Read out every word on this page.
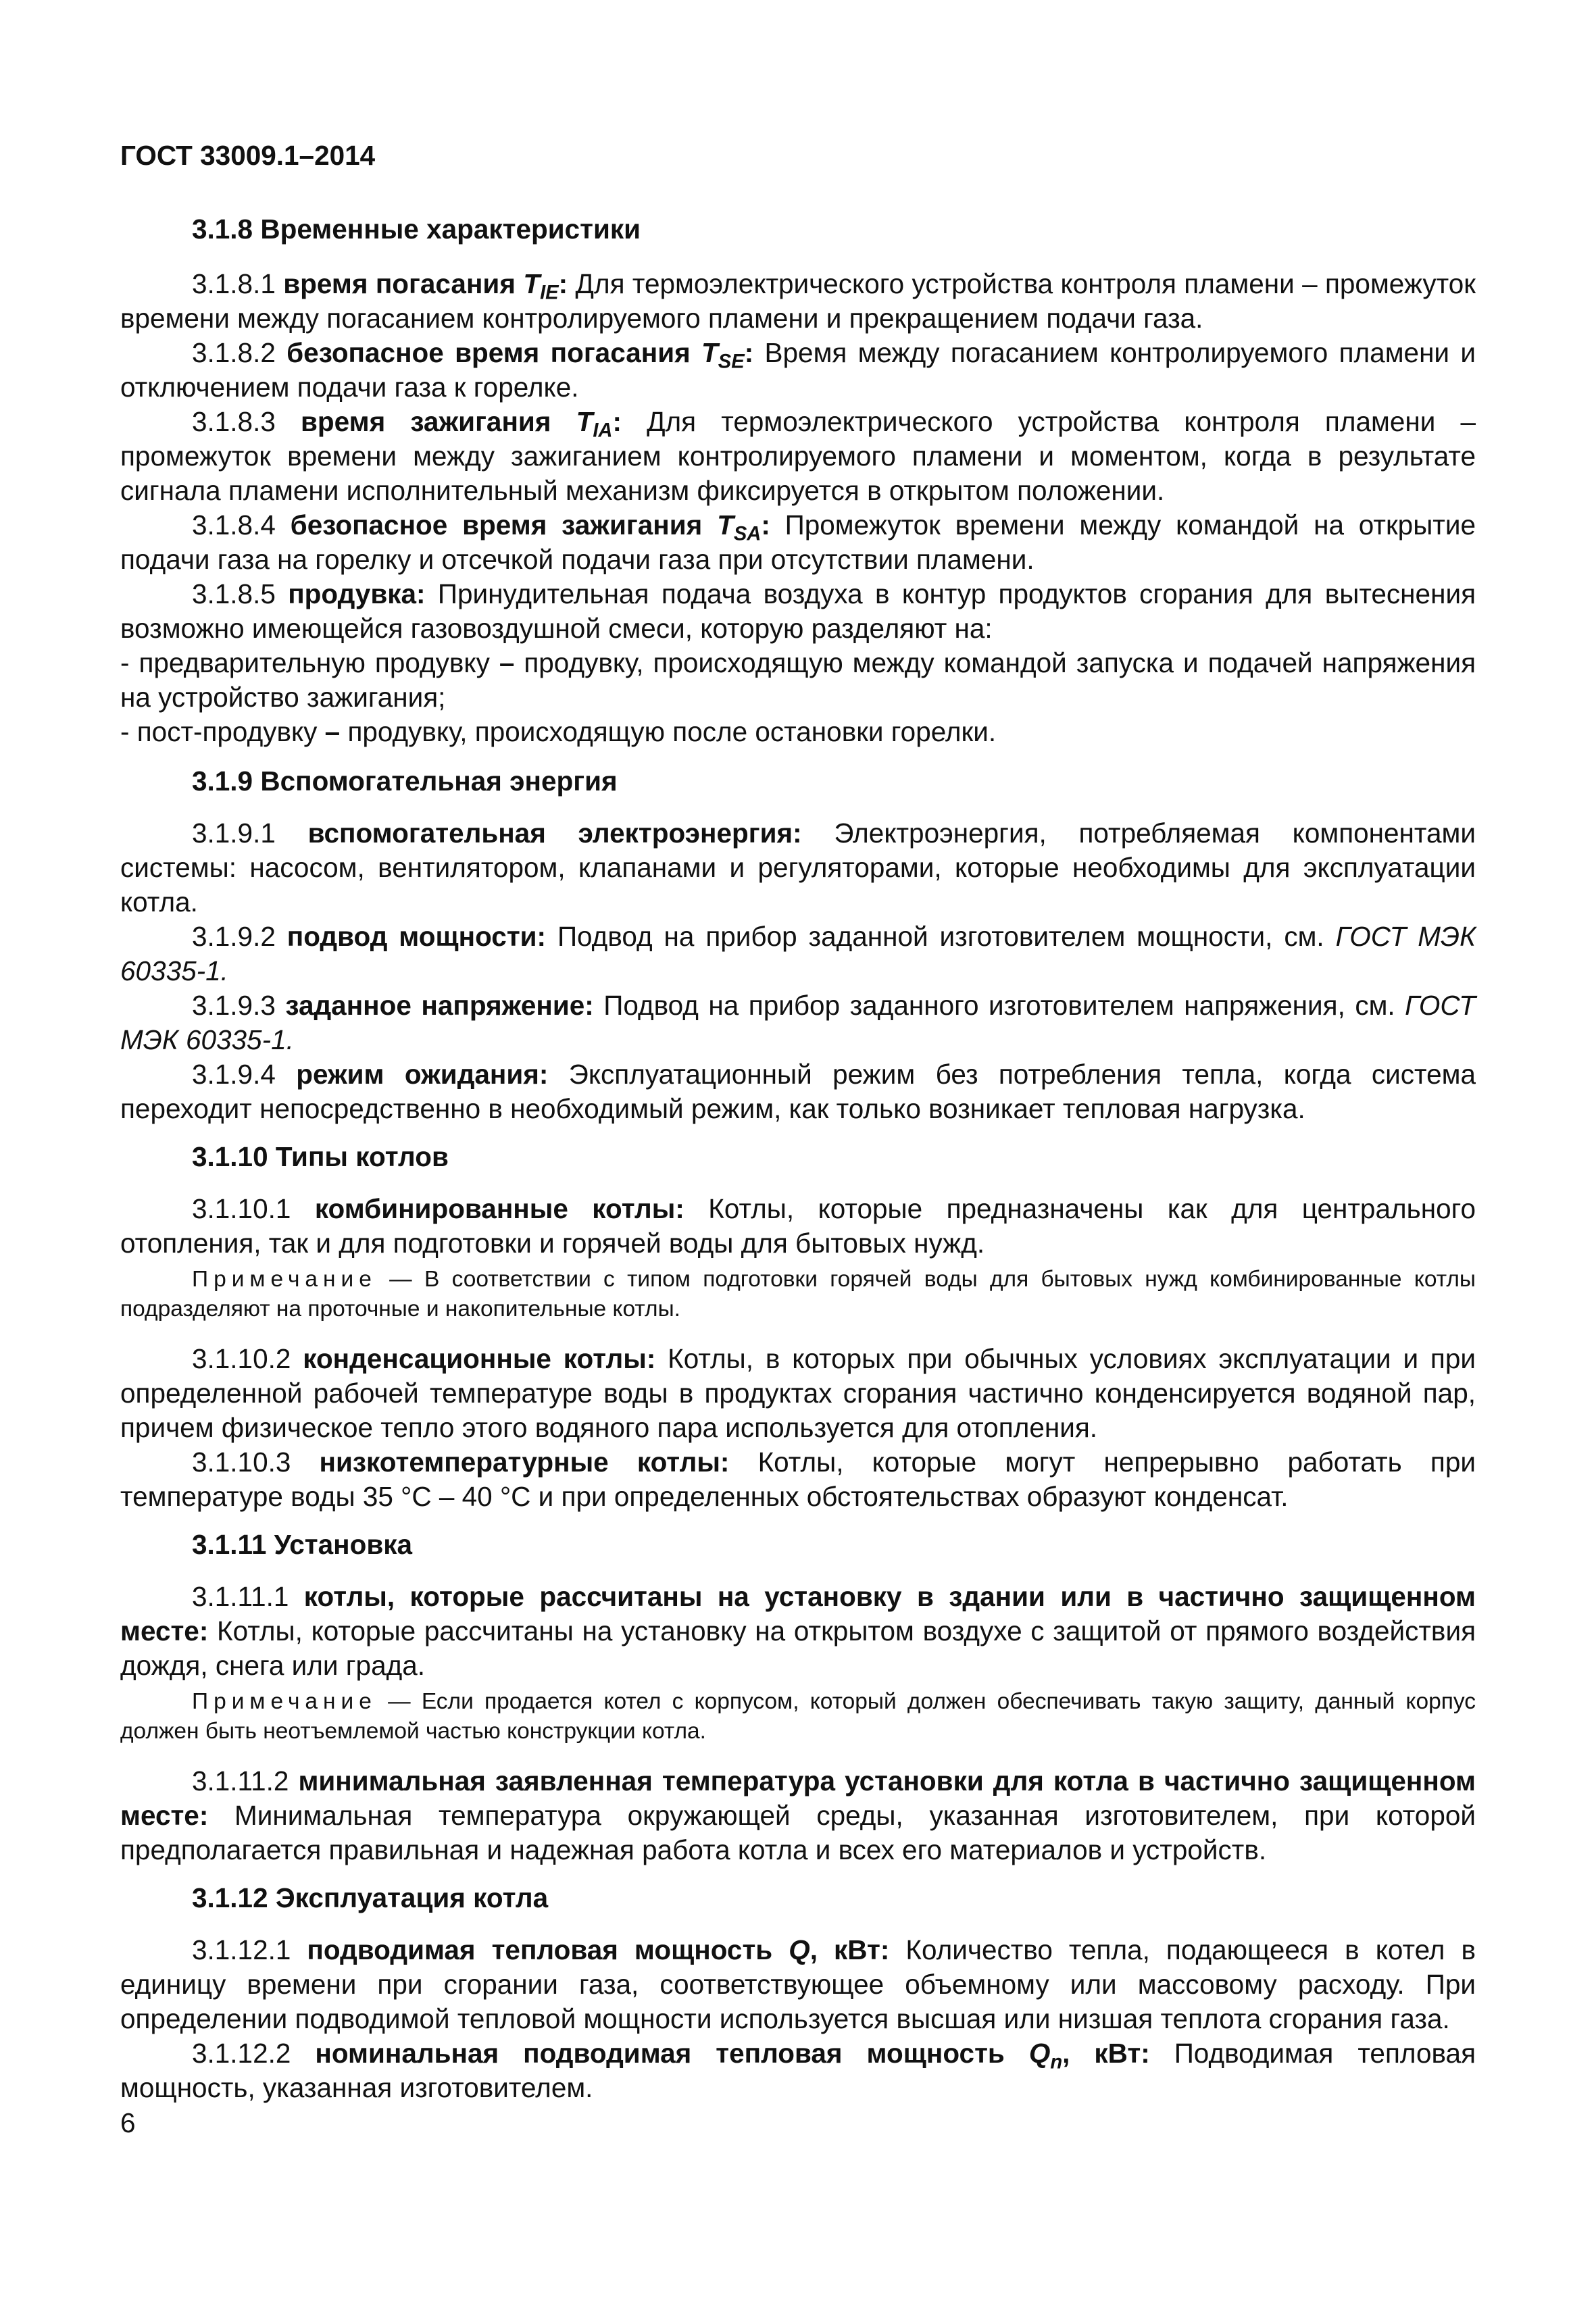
ГОСТ 33009.1–2014
3.1.8 Временные характеристики

3.1.8.1 время погасания $T_{IE}$: Для термоэлектрического устройства контроля пламени – промежуток времени между погасанием контролируемого пламени и прекращением подачи газа.

3.1.8.2 безопасное время погасания $T_{SE}$: Время между погасанием контролируемого пламени и отключением подачи газа к горелке.

3.1.8.3 время зажигания $T_{IA}$: Для термоэлектрического устройства контроля пламени – промежуток времени между зажиганием контролируемого пламени и моментом, когда в результате сигнала пламени исполнительный механизм фиксируется в открытом положении.

3.1.8.4 безопасное время зажигания $T_{SA}$: Промежуток времени между командой на открытие подачи газа на горелку и отсечкой подачи газа при отсутствии пламени.

3.1.8.5 продувка: Принудительная подача воздуха в контур продуктов сгорания для вытеснения возможно имеющейся газовоздушной смеси, которую разделяют на:

- предварительную продувку – продувку, происходящую между командой запуска и подачей напряжения на устройство зажигания;

- пост-продувку – продувку, происходящую после остановки горелки.

3.1.9 Вспомогательная энергия

3.1.9.1 вспомогательная электроэнергия: Электроэнергия, потребляемая компонентами системы: насосом, вентилятором, клапанами и регуляторами, которые необходимы для эксплуатации котла.

3.1.9.2 подвод мощности: Подвод на прибор заданной изготовителем мощности, см. ГОСТ МЭК 60335-1.

3.1.9.3 заданное напряжение: Подвод на прибор заданного изготовителем напряжения, см. ГОСТ МЭК 60335-1.

3.1.9.4 режим ожидания: Эксплуатационный режим без потребления тепла, когда система переходит непосредственно в необходимый режим, как только возникает тепловая нагрузка.

3.1.10 Типы котлов

3.1.10.1 комбинированные котлы: Котлы, которые предназначены как для центрального отопления, так и для подготовки и горячей воды для бытовых нужд.

Примечание — В соответствии с типом подготовки горячей воды для бытовых нужд комбинированные котлы подразделяют на проточные и накопительные котлы.

3.1.10.2 конденсационные котлы: Котлы, в которых при обычных условиях эксплуатации и при определенной рабочей температуре воды в продуктах сгорания частично конденсируется водяной пар, причем физическое тепло этого водяного пара используется для отопления.

3.1.10.3 низкотемпературные котлы: Котлы, которые могут непрерывно работать при температуре воды 35 °С – 40 °С и при определенных обстоятельствах образуют конденсат.

3.1.11 Установка

3.1.11.1 котлы, которые рассчитаны на установку в здании или в частично защищенном месте: Котлы, которые рассчитаны на установку на открытом воздухе с защитой от прямого воздействия дождя, снега или града.

Примечание — Если продается котел с корпусом, который должен обеспечивать такую защиту, данный корпус должен быть неотъемлемой частью конструкции котла.

3.1.11.2 минимальная заявленная температура установки для котла в частично защищенном месте: Минимальная температура окружающей среды, указанная изготовителем, при которой предполагается правильная и надежная работа котла и всех его материалов и устройств.

3.1.12 Эксплуатация котла

3.1.12.1 подводимая тепловая мощность Q, кВт: Количество тепла, подающееся в котел в единицу времени при сгорании газа, соответствующее объемному или массовому расходу. При определении подводимой тепловой мощности используется высшая или низшая теплота сгорания газа.

3.1.12.2 номинальная подводимая тепловая мощность $Q_n$, кВт: Подводимая тепловая мощность, указанная изготовителем.

6
